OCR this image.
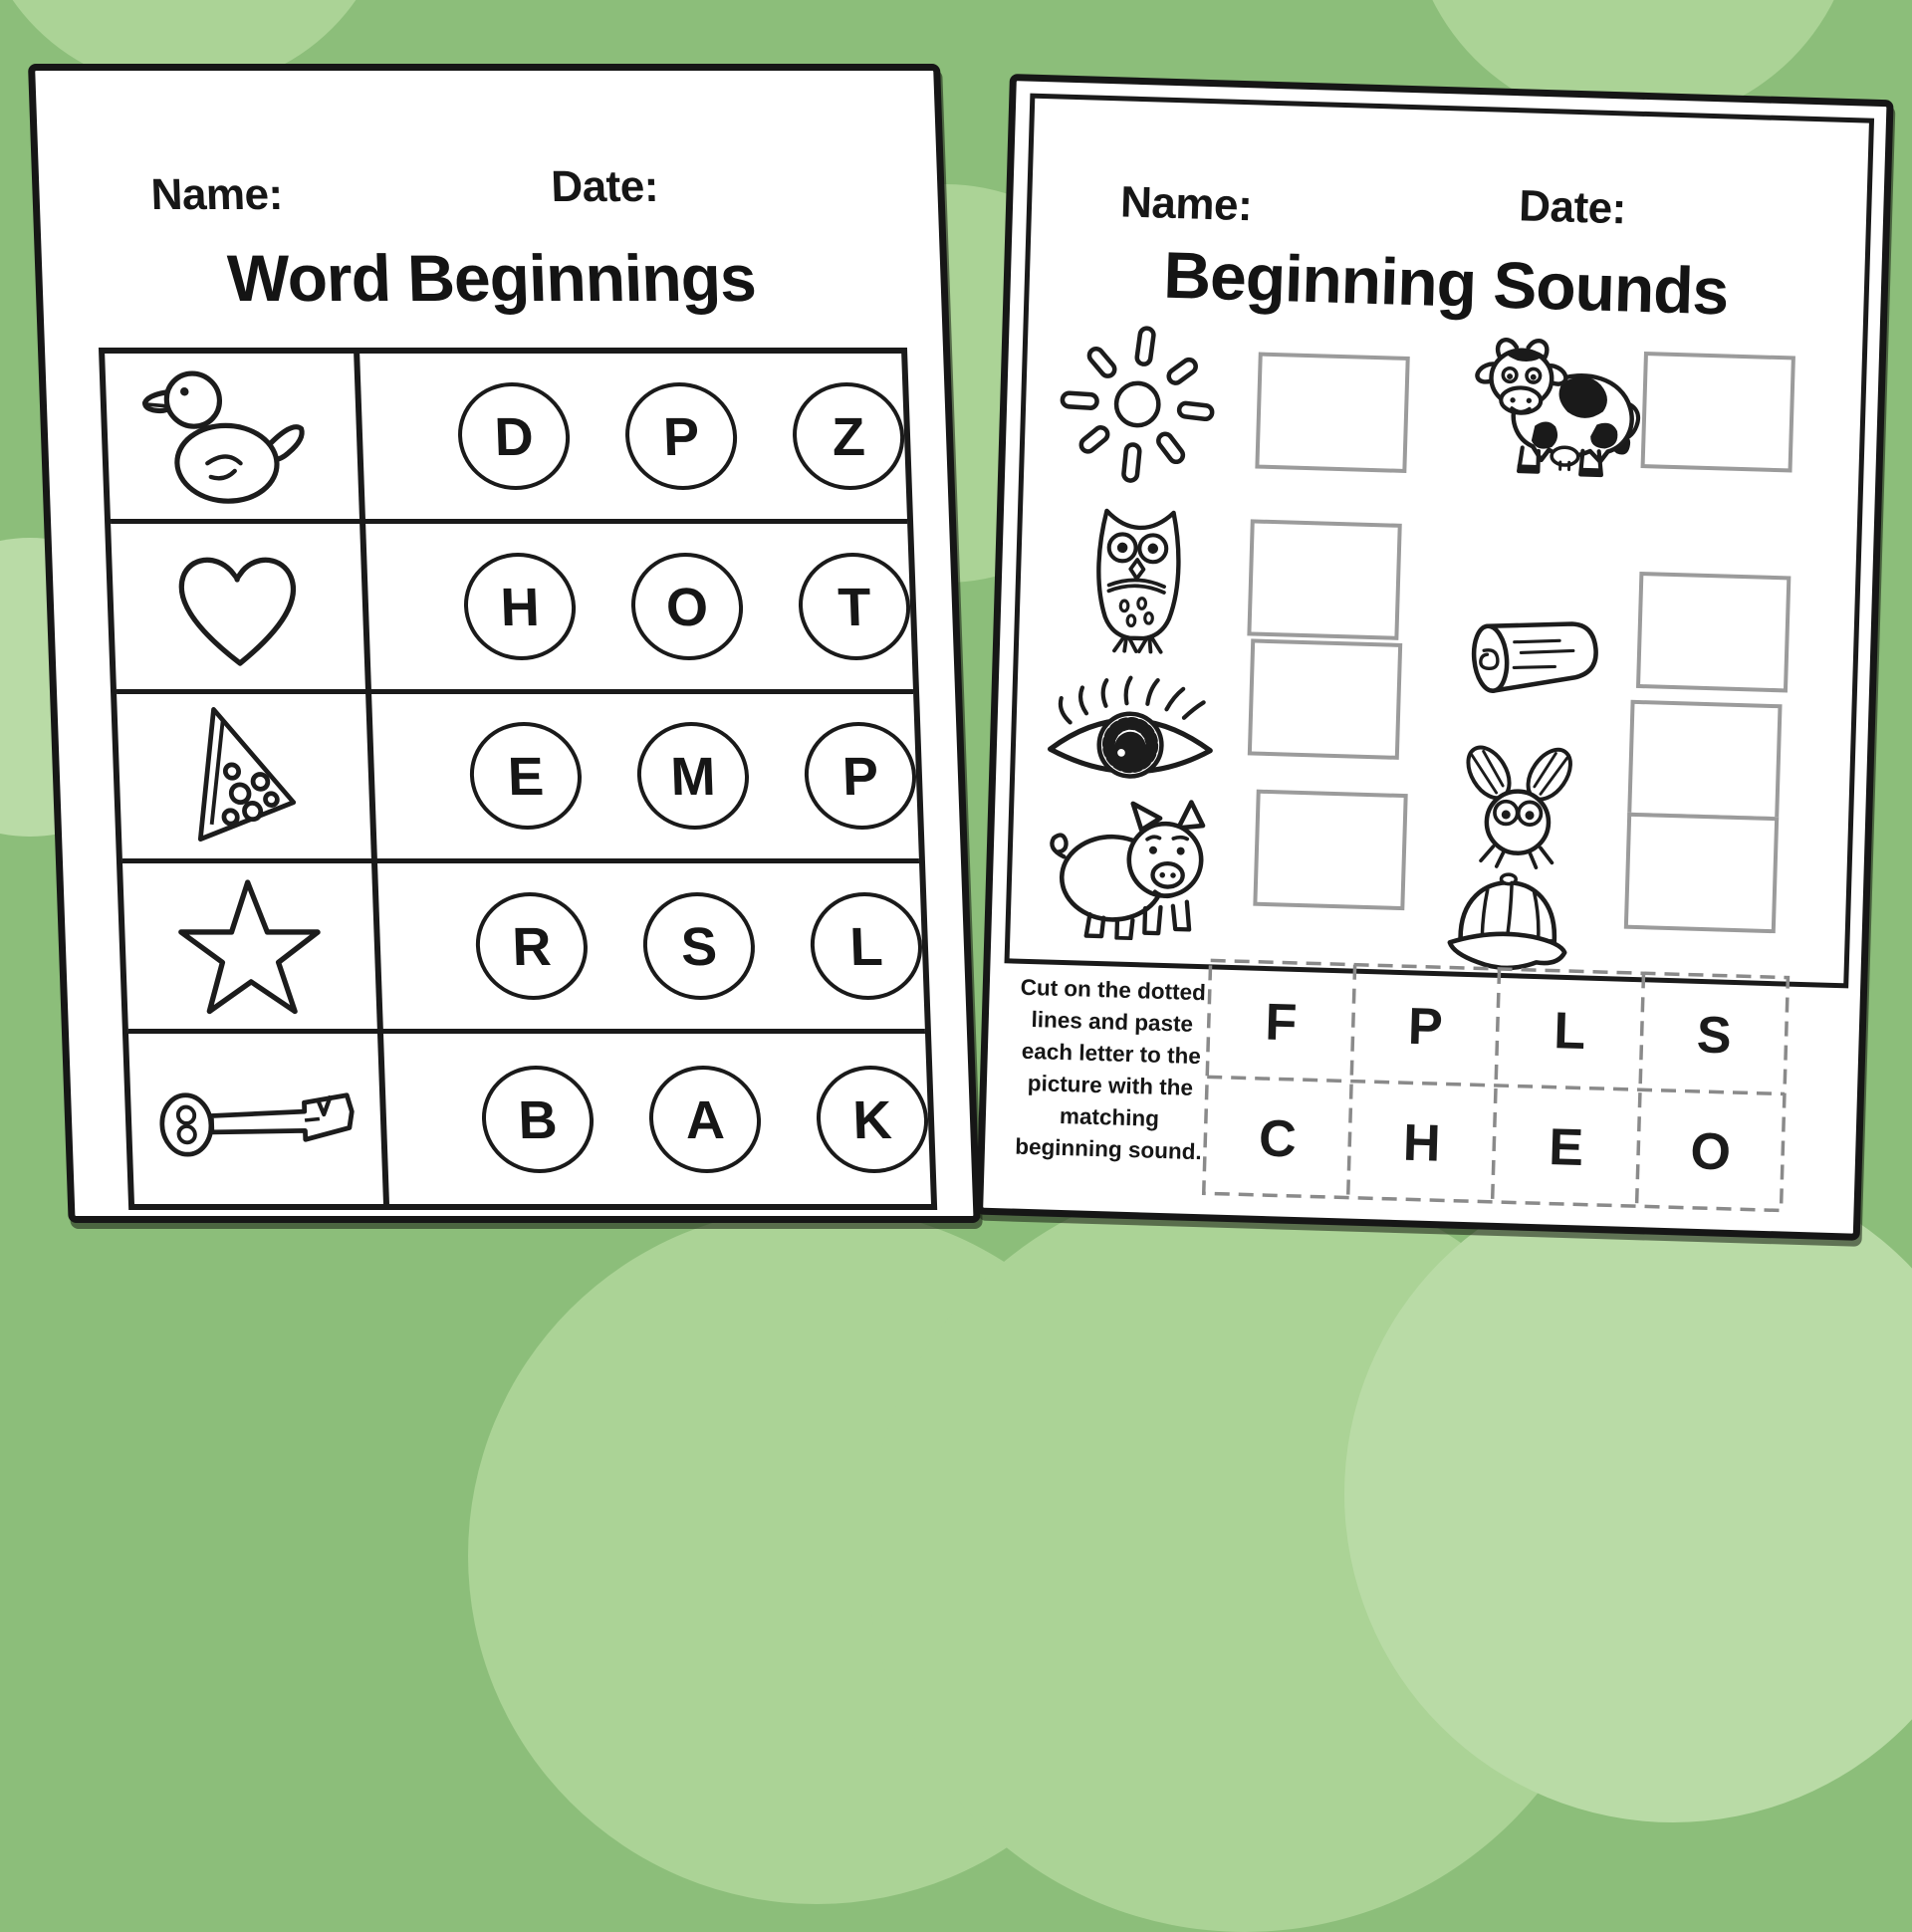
Name:	Date:
Word Beginnings
D	P	Z
H	O	T
E	M	P
R	S	L
B	A	K
Name:	Date:
Beginning Sounds
Cut on the dotted lines and paste each letter to the picture with the matching beginning sound.
F P L S
C H E O
